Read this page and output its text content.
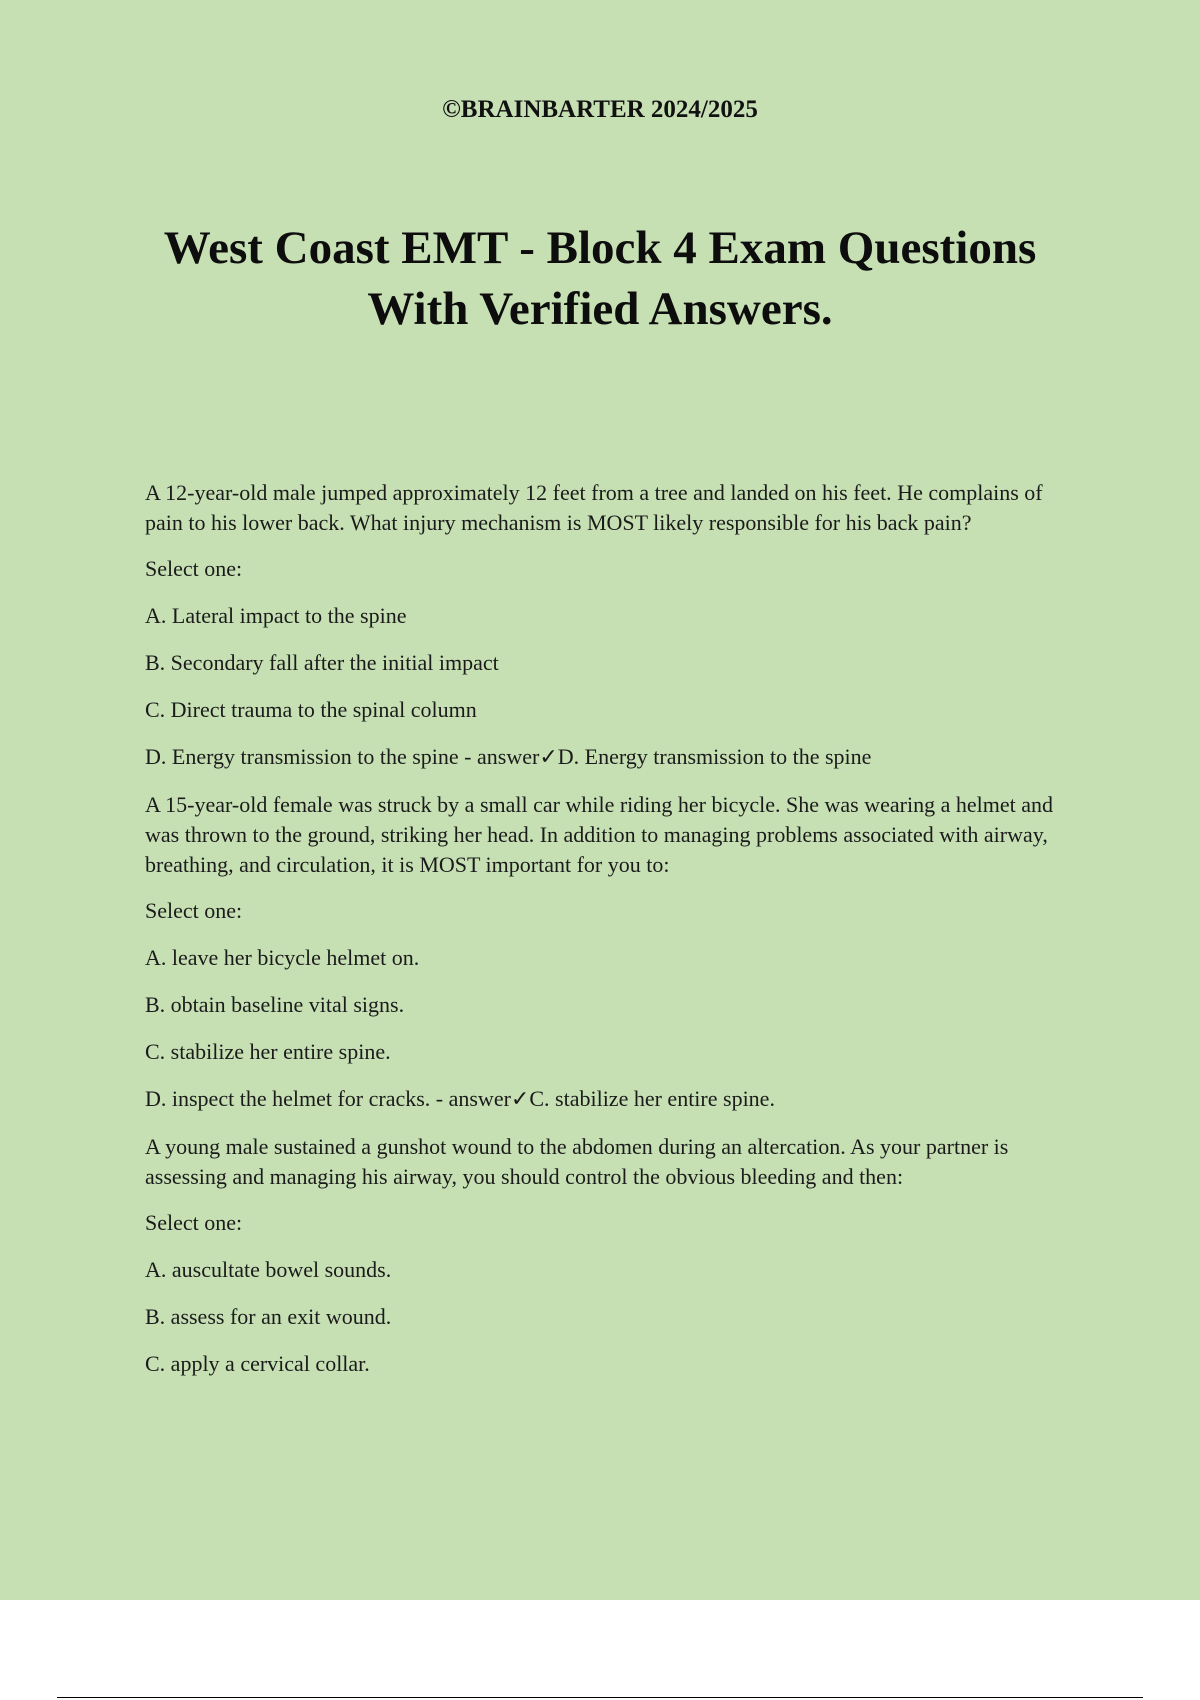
©BRAINBARTER 2024/2025
West Coast EMT - Block 4 Exam Questions
With Verified Answers.

A 12-year-old male jumped approximately 12 feet from a tree and landed on his feet. He complains of pain to his lower back. What injury mechanism is MOST likely responsible for his back pain?

Select one:

A. Lateral impact to the spine

B. Secondary fall after the initial impact

C. Direct trauma to the spinal column

D. Energy transmission to the spine - answer✓D. Energy transmission to the spine

A 15-year-old female was struck by a small car while riding her bicycle. She was wearing a helmet and was thrown to the ground, striking her head. In addition to managing problems associated with airway, breathing, and circulation, it is MOST important for you to:

Select one:

A. leave her bicycle helmet on.

B. obtain baseline vital signs.

C. stabilize her entire spine.

D. inspect the helmet for cracks. - answer✓C. stabilize her entire spine.

A young male sustained a gunshot wound to the abdomen during an altercation. As your partner is assessing and managing his airway, you should control the obvious bleeding and then:

Select one:

A. auscultate bowel sounds.

B. assess for an exit wound.

C. apply a cervical collar.
